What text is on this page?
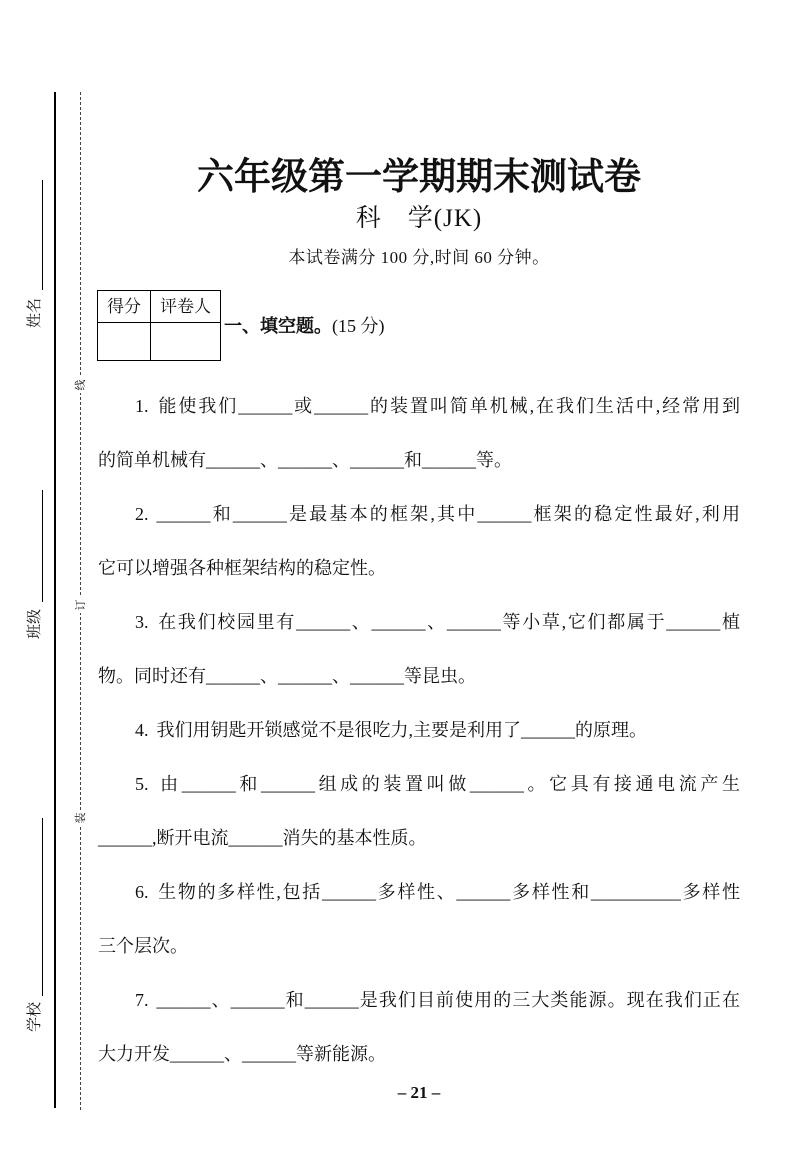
线
订
装
姓名
班级
学校
六年级第一学期期末测试卷
科　学(JK)
本试卷满分 100 分,时间 60 分钟。
得分	评卷人
一、填空题。(15 分)
1. 能使我们______或______的装置叫简单机械,在我们生活中,经常用到
的简单机械有______、______、______和______等。
2. ______和______是最基本的框架,其中______框架的稳定性最好,利用
它可以增强各种框架结构的稳定性。
3. 在我们校园里有______、______、______等小草,它们都属于______植
物。同时还有______、______、______等昆虫。
4. 我们用钥匙开锁感觉不是很吃力,主要是利用了______的原理。
5. 由______和______组成的装置叫做______。它具有接通电流产生
______,断开电流______消失的基本性质。
6. 生物的多样性,包括______多样性、______多样性和__________多样性
三个层次。
7. ______、______和______是我们目前使用的三大类能源。现在我们正在
大力开发______、______等新能源。
– 21 –
